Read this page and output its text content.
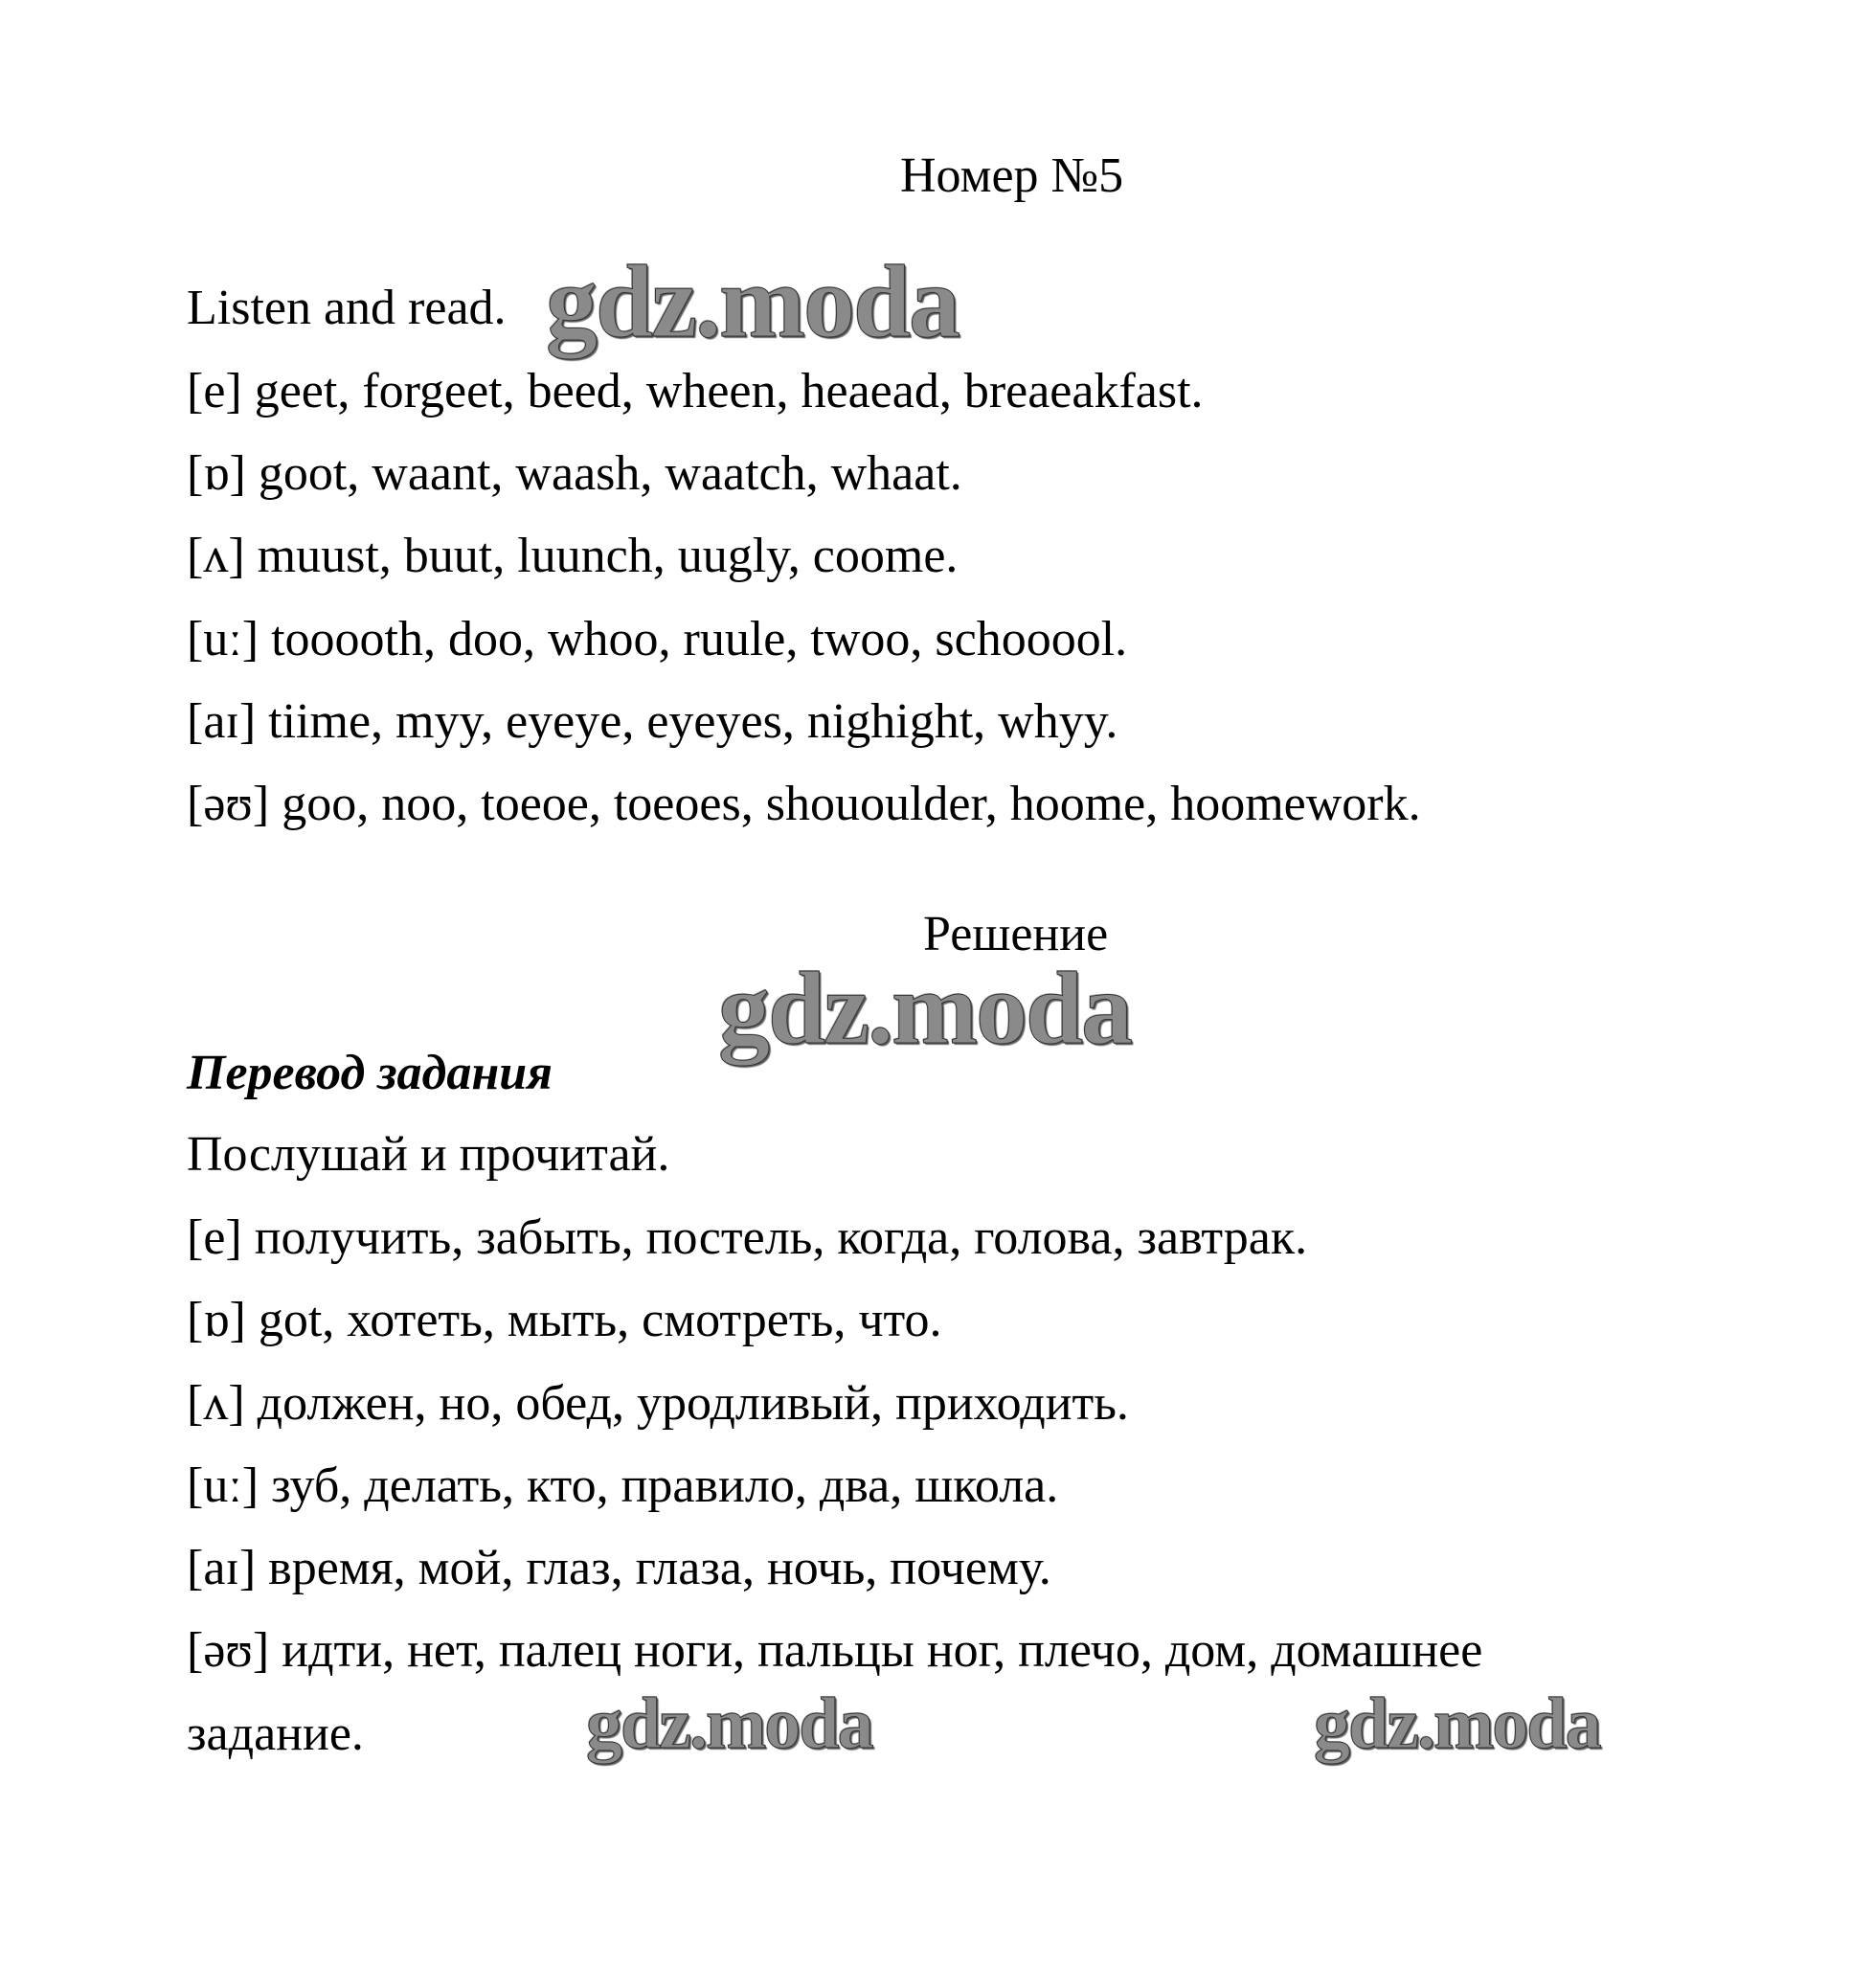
Номер №5
Listen and read.
[e] geet, forgeet, beed, wheen, heaead, breaeakfast.
[ɒ] goot, waant, waash, waatch, whaat.
[ʌ] muust, buut, luunch, uugly, coome.
[uː] tooooth, doo, whoo, ruule, twoo, schooool.
[aɪ] tiime, myy, eyeye, eyeyes, nighight, whyy.
[əʊ] goo, noo, toeoe, toeoes, shououlder, hoome, hoomework.
Решение
Перевод задания
Послушай и прочитай.
[e] получить, забыть, постель, когда, голова, завтрак.
[ɒ] got, хотеть, мыть, смотреть, что.
[ʌ] должен, но, обед, уродливый, приходить.
[uː] зуб, делать, кто, правило, два, школа.
[aɪ] время, мой, глаз, глаза, ночь, почему.
[əʊ] идти, нет, палец ноги, пальцы ног, плечо, дом, домашнее
задание.
gdz.moda
gdz.moda
gdz.moda	gdz.moda
